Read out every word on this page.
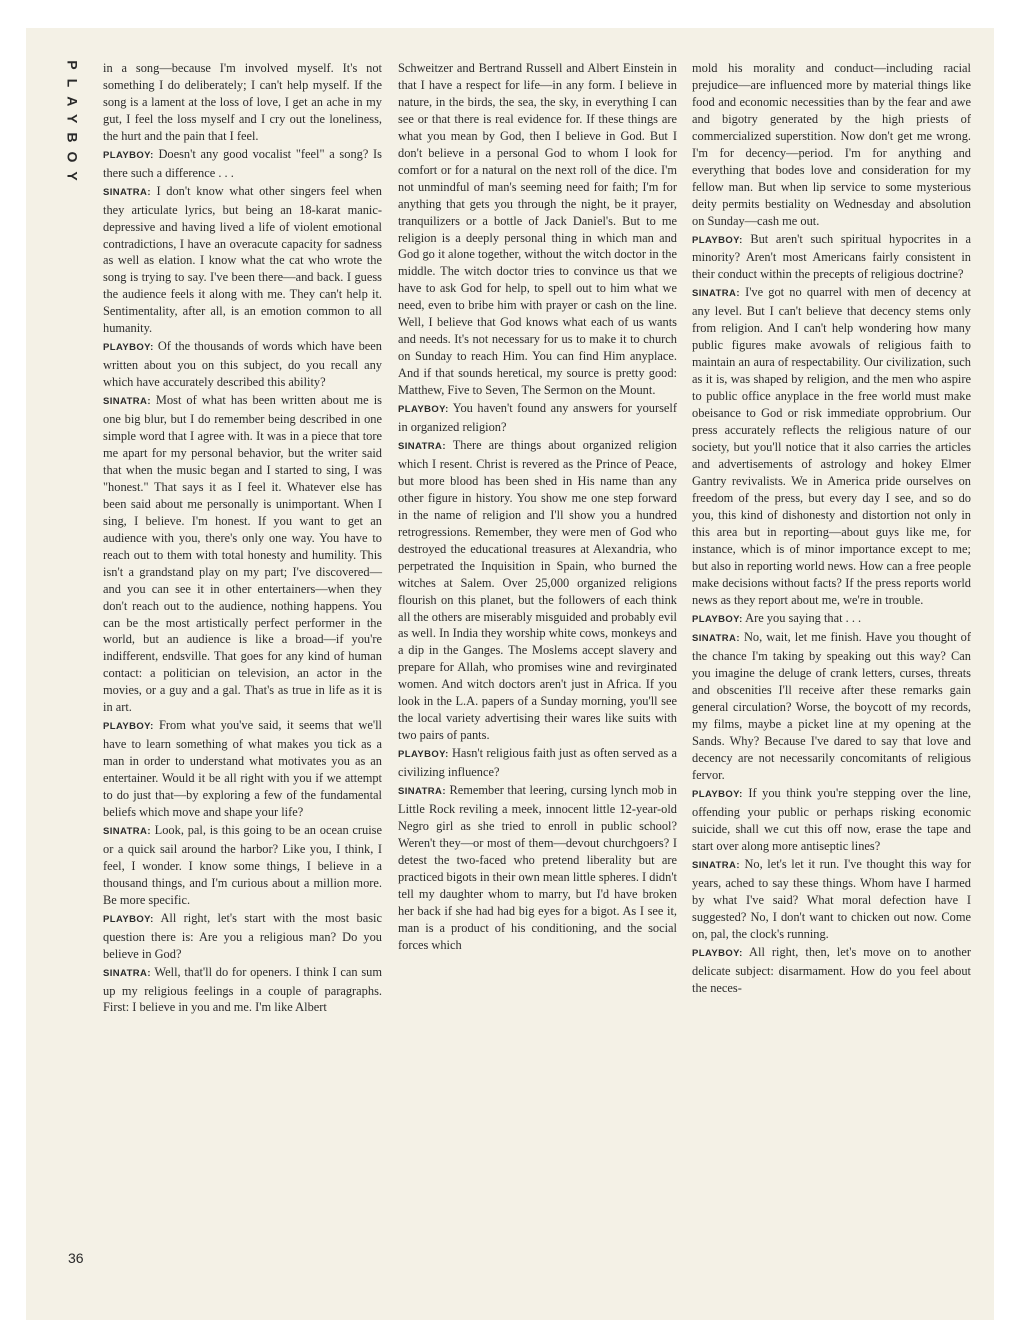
PLAYBOY in a song—because I'm involved myself. It's not something I do deliberately; I can't help myself. If the song is a lament at the loss of love, I get an ache in my gut, I feel the loss myself and I cry out the loneliness, the hurt and the pain that I feel.

PLAYBOY: Doesn't any good vocalist "feel" a song? Is there such a difference . . .

SINATRA: I don't know what other singers feel when they articulate lyrics, but being an 18-karat manic-depressive and having lived a life of violent emotional contradictions, I have an overacute capacity for sadness as well as elation. I know what the cat who wrote the song is trying to say. I've been there—and back. I guess the audience feels it along with me. They can't help it. Sentimentality, after all, is an emotion common to all humanity.

PLAYBOY: Of the thousands of words which have been written about you on this subject, do you recall any which have accurately described this ability?

SINATRA: Most of what has been written about me is one big blur, but I do remember being described in one simple word that I agree with. It was in a piece that tore me apart for my personal behavior, but the writer said that when the music began and I started to sing, I was "honest." That says it as I feel it. Whatever else has been said about me personally is unimportant. When I sing, I believe. I'm honest. If you want to get an audience with you, there's only one way. You have to reach out to them with total honesty and humility. This isn't a grandstand play on my part; I've discovered—and you can see it in other entertainers—when they don't reach out to the audience, nothing happens. You can be the most artistically perfect performer in the world, but an audience is like a broad—if you're indifferent, endsville. That goes for any kind of human contact: a politician on television, an actor in the movies, or a guy and a gal. That's as true in life as it is in art.

PLAYBOY: From what you've said, it seems that we'll have to learn something of what makes you tick as a man in order to understand what motivates you as an entertainer. Would it be all right with you if we attempt to do just that—by exploring a few of the fundamental beliefs which move and shape your life?

SINATRA: Look, pal, is this going to be an ocean cruise or a quick sail around the harbor? Like you, I think, I feel, I wonder. I know some things, I believe in a thousand things, and I'm curious about a million more. Be more specific.

PLAYBOY: All right, let's start with the most basic question there is: Are you a religious man? Do you believe in God?

SINATRA: Well, that'll do for openers. I think I can sum up my religious feelings in a couple of paragraphs. First: I believe in you and me. I'm like Albert

Schweitzer and Bertrand Russell and Albert Einstein in that I have a respect for life—in any form. I believe in nature, in the birds, the sea, the sky, in everything I can see or that there is real evidence for. If these things are what you mean by God, then I believe in God. But I don't believe in a personal God to whom I look for comfort or for a natural on the next roll of the dice. I'm not unmindful of man's seeming need for faith; I'm for anything that gets you through the night, be it prayer, tranquilizers or a bottle of Jack Daniel's. But to me religion is a deeply personal thing in which man and God go it alone together, without the witch doctor in the middle. The witch doctor tries to convince us that we have to ask God for help, to spell out to him what we need, even to bribe him with prayer or cash on the line. Well, I believe that God knows what each of us wants and needs. It's not necessary for us to make it to church on Sunday to reach Him. You can find Him anyplace. And if that sounds heretical, my source is pretty good: Matthew, Five to Seven, The Sermon on the Mount.

PLAYBOY: You haven't found any answers for yourself in organized religion?

SINATRA: There are things about organized religion which I resent. Christ is revered as the Prince of Peace, but more blood has been shed in His name than any other figure in history. You show me one step forward in the name of religion and I'll show you a hundred retrogressions. Remember, they were men of God who destroyed the educational treasures at Alexandria, who perpetrated the Inquisition in Spain, who burned the witches at Salem. Over 25,000 organized religions flourish on this planet, but the followers of each think all the others are miserably misguided and probably evil as well. In India they worship white cows, monkeys and a dip in the Ganges. The Moslems accept slavery and prepare for Allah, who promises wine and revirginated women. And witch doctors aren't just in Africa. If you look in the L.A. papers of a Sunday morning, you'll see the local variety advertising their wares like suits with two pairs of pants.

PLAYBOY: Hasn't religious faith just as often served as a civilizing influence?

SINATRA: Remember that leering, cursing lynch mob in Little Rock reviling a meek, innocent little 12-year-old Negro girl as she tried to enroll in public school? Weren't they—or most of them—devout churchgoers? I detest the two-faced who pretend liberality but are practiced bigots in their own mean little spheres. I didn't tell my daughter whom to marry, but I'd have broken her back if she had had big eyes for a bigot. As I see it, man is a product of his conditioning, and the social forces which

mold his morality and conduct—including racial prejudice—are influenced more by material things like food and economic necessities than by the fear and awe and bigotry generated by the high priests of commercialized superstition. Now don't get me wrong. I'm for decency—period. I'm for anything and everything that bodes love and consideration for my fellow man. But when lip service to some mysterious deity permits bestiality on Wednesday and absolution on Sunday—cash me out.

PLAYBOY: But aren't such spiritual hypocrites in a minority? Aren't most Americans fairly consistent in their conduct within the precepts of religious doctrine?

SINATRA: I've got no quarrel with men of decency at any level. But I can't believe that decency stems only from religion. And I can't help wondering how many public figures make avowals of religious faith to maintain an aura of respectability. Our civilization, such as it is, was shaped by religion, and the men who aspire to public office anyplace in the free world must make obeisance to God or risk immediate opprobrium. Our press accurately reflects the religious nature of our society, but you'll notice that it also carries the articles and advertisements of astrology and hokey Elmer Gantry revivalists. We in America pride ourselves on freedom of the press, but every day I see, and so do you, this kind of dishonesty and distortion not only in this area but in reporting—about guys like me, for instance, which is of minor importance except to me; but also in reporting world news. How can a free people make decisions without facts? If the press reports world news as they report about me, we're in trouble.

PLAYBOY: Are you saying that . . .

SINATRA: No, wait, let me finish. Have you thought of the chance I'm taking by speaking out this way? Can you imagine the deluge of crank letters, curses, threats and obscenities I'll receive after these remarks gain general circulation? Worse, the boycott of my records, my films, maybe a picket line at my opening at the Sands. Why? Because I've dared to say that love and decency are not necessarily concomitants of religious fervor.

PLAYBOY: If you think you're stepping over the line, offending your public or perhaps risking economic suicide, shall we cut this off now, erase the tape and start over along more antiseptic lines?

SINATRA: No, let's let it run. I've thought this way for years, ached to say these things. Whom have I harmed by what I've said? What moral defection have I suggested? No, I don't want to chicken out now. Come on, pal, the clock's running.

PLAYBOY: All right, then, let's move on to another delicate subject: disarmament. How do you feel about the neces-

36
